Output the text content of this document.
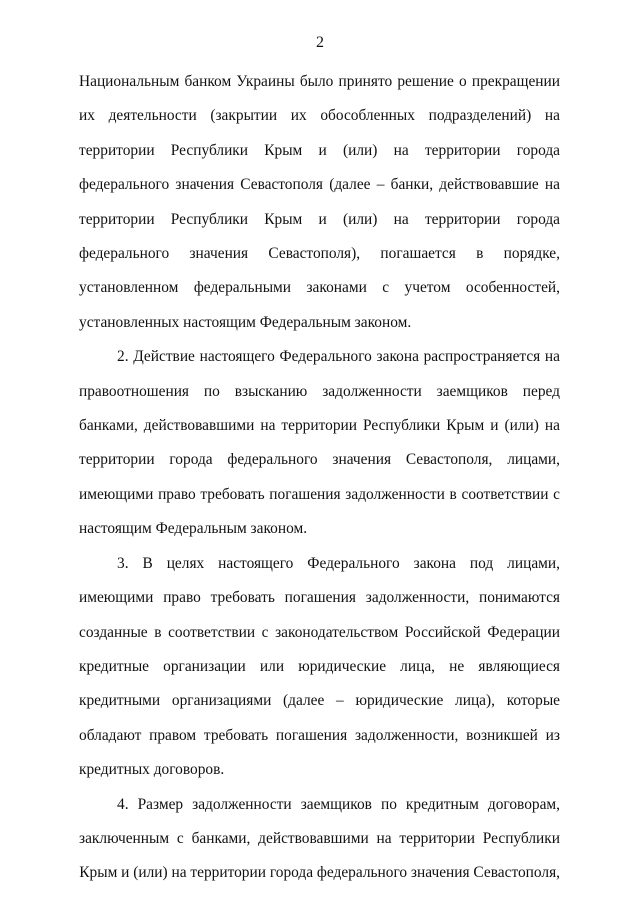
2

Национальным банком Украины было принято решение о прекращении их деятельности (закрытии их обособленных подразделений) на территории Республики Крым и (или) на территории города федерального значения Севастополя (далее – банки, действовавшие на территории Республики Крым и (или) на территории города федерального значения Севастополя), погашается в порядке, установленном федеральными законами с учетом особенностей, установленных настоящим Федеральным законом.

2. Действие настоящего Федерального закона распространяется на правоотношения по взысканию задолженности заемщиков перед банками, действовавшими на территории Республики Крым и (или) на территории города федерального значения Севастополя, лицами, имеющими право требовать погашения задолженности в соответствии с настоящим Федеральным законом.

3. В целях настоящего Федерального закона под лицами, имеющими право требовать погашения задолженности, понимаются созданные в соответствии с законодательством Российской Федерации кредитные организации или юридические лица, не являющиеся кредитными организациями (далее – юридические лица), которые обладают правом требовать погашения задолженности, возникшей из кредитных договоров.

4. Размер задолженности заемщиков по кредитным договорам, заключенным с банками, действовавшими на территории Республики Крым и (или) на территории города федерального значения Севастополя,
